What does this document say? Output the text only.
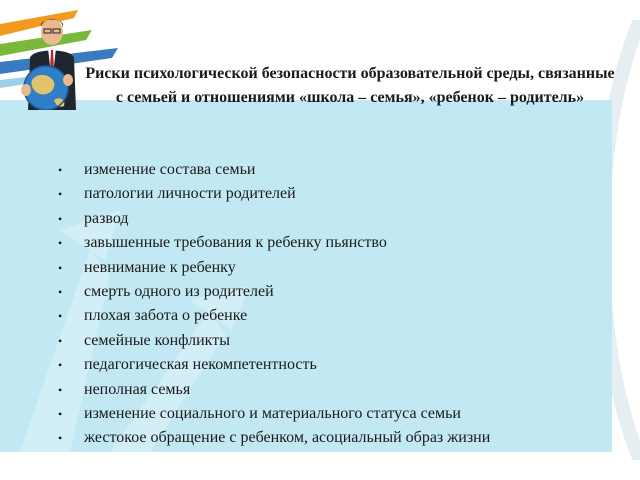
Риски психологической безопасности образовательной среды, связанные с семьей и отношениями «школа – семья», «ребенок – родитель»
• изменение состава семьи
• патологии личности родителей
• развод
• завышенные требования к ребенку пьянство
• невнимание к ребенку
• смерть одного из родителей
• плохая забота о ребенке
• семейные конфликты
• педагогическая некомпетентность
• неполная семья
• изменение социального и материального статуса семьи
• жестокое обращение с ребенком, асоциальный образ жизни
